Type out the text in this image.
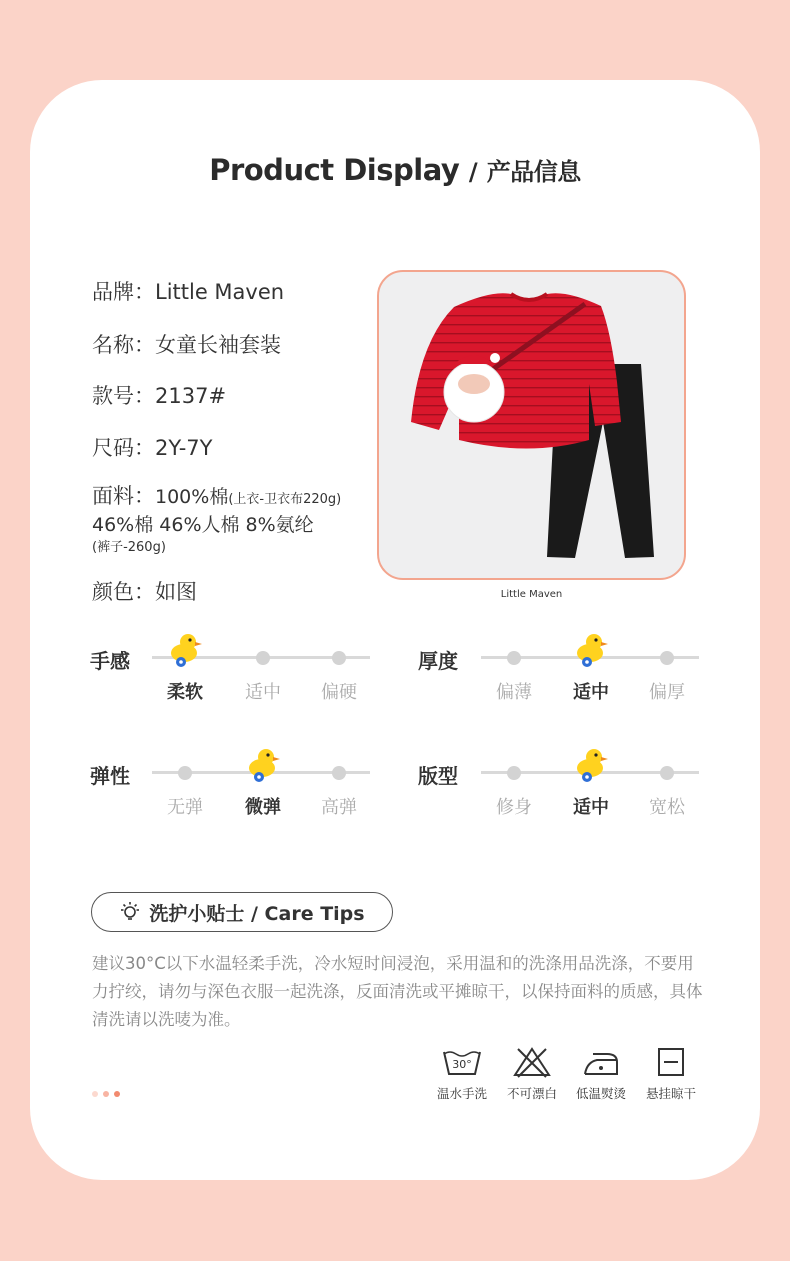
Product Display / 产品信息
品牌：Little Maven
名称：女童长袖套装
款号：2137#
尺码：2Y-7Y
面料：100%棉(上衣-卫衣布220g)
46%棉 46%人棉 8%氨纶
(裤子-260g)
颜色：如图	Little Maven
手感
柔软	适中	偏硬
厚度
偏薄	适中	偏厚
弹性
无弹	微弹	高弹
版型
修身	适中	宽松
洗护小贴士 / Care Tips
建议30°C以下水温轻柔手洗，冷水短时间浸泡，采用温和的洗涤用品洗涤，不要用力拧绞，请勿与深色衣服一起洗涤，反面清洗或平摊晾干，以保持面料的质感，具体清洗请以洗唛为准。
30°
温水手洗	不可漂白	低温熨烫	悬挂晾干
